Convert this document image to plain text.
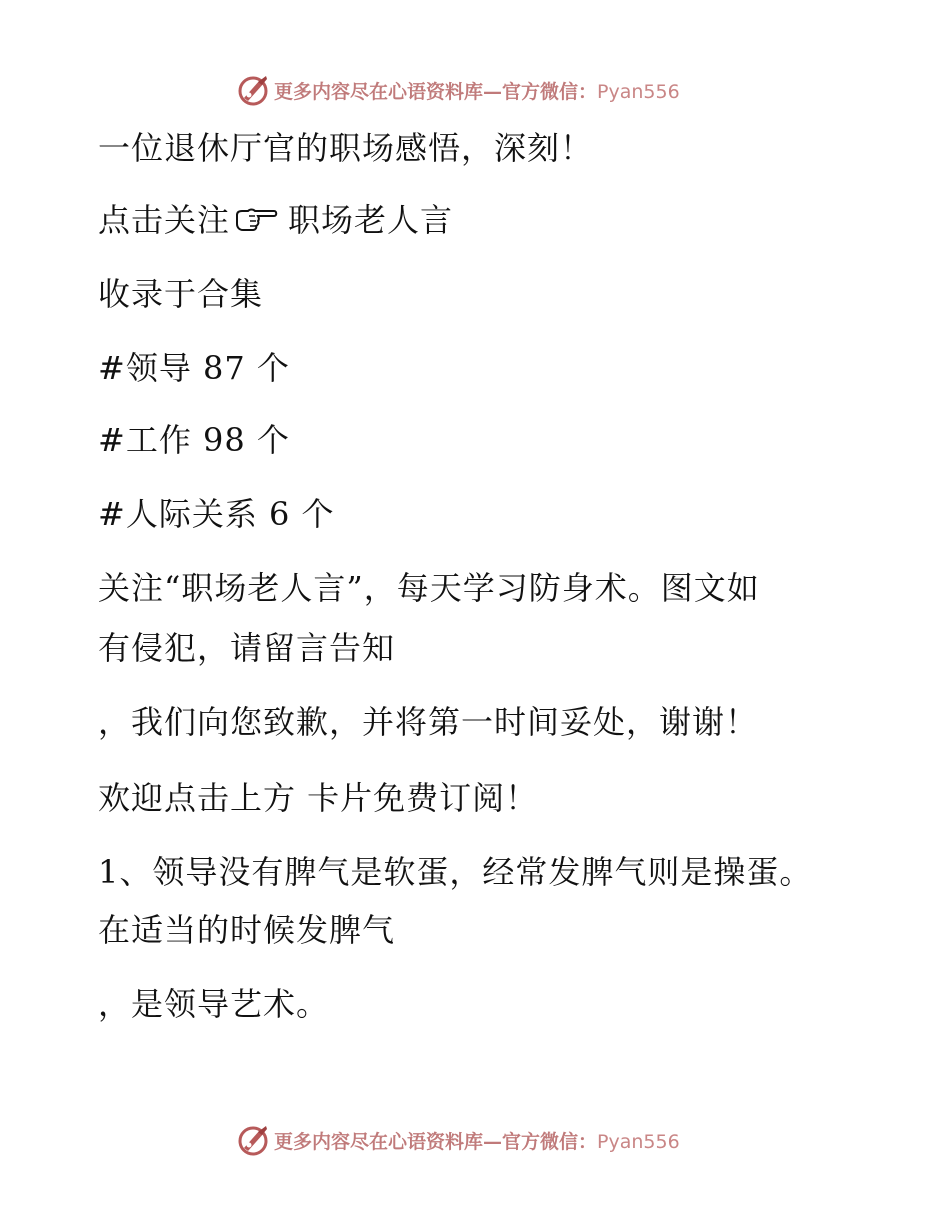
更多内容尽在心语资料库—官方微信：Pyan556
一位退休厅官的职场感悟，深刻！
点击关注 职场老人言
收录于合集
#领导 87 个
#工作 98 个
#人际关系 6 个
关注“职场老人言”，每天学习防身术。图文如
有侵犯，请留言告知
，我们向您致歉，并将第一时间妥处，谢谢！
欢迎点击上方 卡片免费订阅！
1、领导没有脾气是软蛋，经常发脾气则是操蛋。
在适当的时候发脾气
，是领导艺术。
更多内容尽在心语资料库—官方微信：Pyan556
